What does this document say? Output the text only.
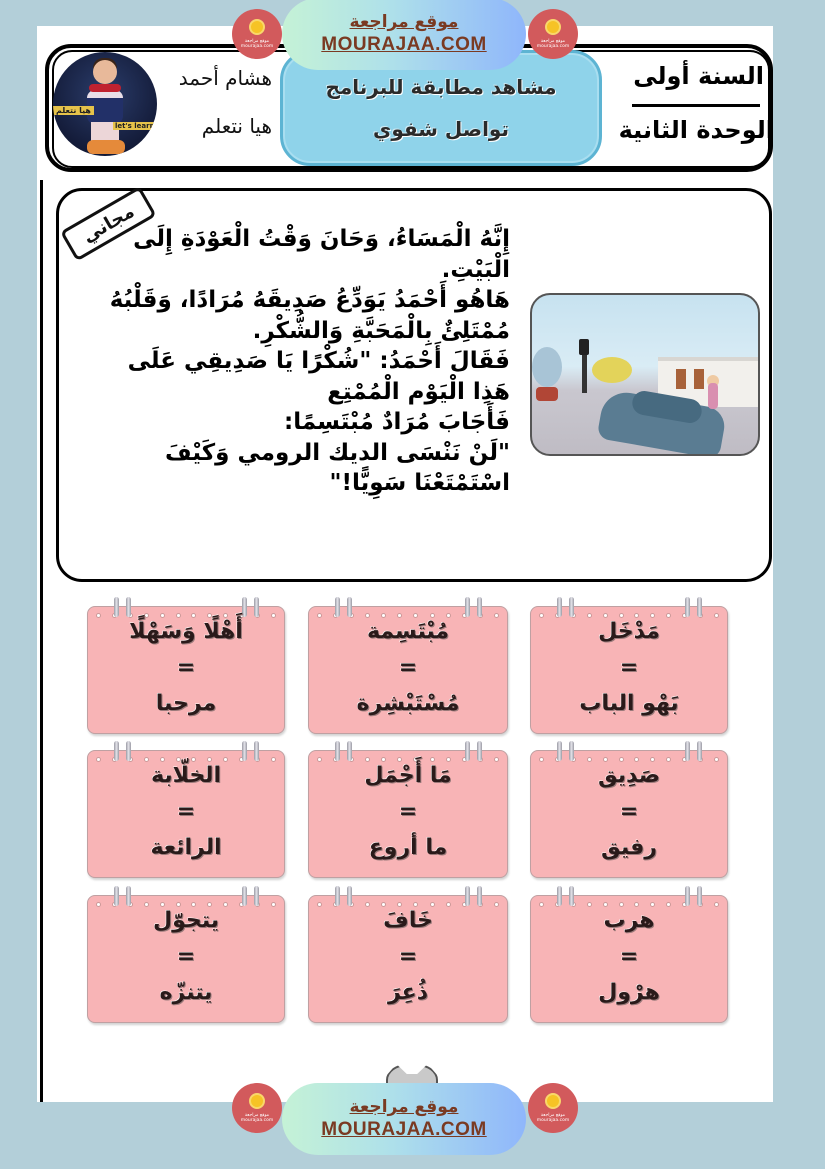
هيا نتعلم
let's learn
هشام أحمد
هيا نتعلم
مشاهد مطابقة للبرنامج
تواصل شفوي
السنة أولى
الوحدة الثانية
مجاني

إِنَّهُ الْمَسَاءُ، وَحَانَ وَقْتُ الْعَوْدَةِ إِلَى الْبَيْتِ.

هَاهُو أَحْمَدُ يَوَدِّعُ صَدِيقَهُ مُرَادًا، وَقَلْبُهُ مُمْتَلِئٌ بِالْمَحَبَّةِ وَالشُّكْرِ.

فَقَالَ أَحْمَدُ: "شُكْرًا يَا صَدِيقِي عَلَى هَذِا الْيَوْم الْمُمْتِع

فَأَجَابَ مُرَادٌ مُبْتَسِمًا:

"لَنْ نَنْسَى الديك الرومي وَكَيْفَ اسْتَمْتَعْنَا سَوِيًّا!"

مَدْخَل
=
بَهْو الباب
مُبْتَسِمة
=
مُسْتَبْشِرة
أَهْلًا وَسَهْلًا
=
مرحبا
صَدِيق
=
رفيق
مَا أَجْمَل
=
ما أروع
الخلّابة
=
الرائعة
هرب
=
هرْول
خَافَ
=
ذُعِرَ
يتجوّل
=
يتنزّه
موقع مراجعة
mourajaa.com
موقع مراجعة
MOURAJAA.COM	موقع مراجعة
mourajaa.com
موقع مراجعة
mourajaa.com
موقع مراجعة
MOURAJAA.COM
موقع مراجعة
mourajaa.com
